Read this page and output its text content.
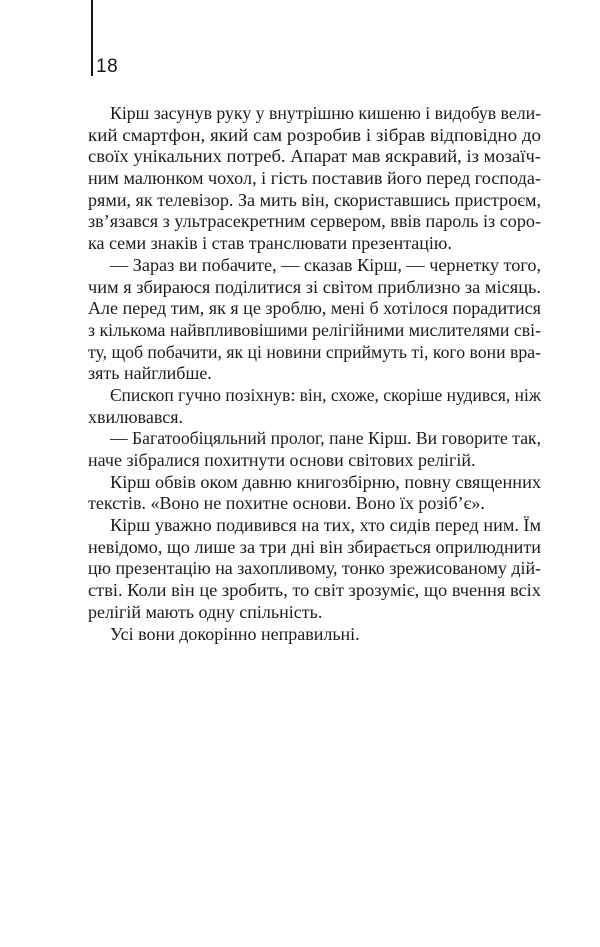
18
Кірш засунув руку у внутрішню кишеню і видобув вели-
кий смартфон, який сам розробив і зібрав відповідно до
своїх унікальних потреб. Апарат мав яскравий, із мозаїч-
ним малюнком чохол, і гість поставив його перед господа-
рями, як телевізор. За мить він, скориставшись пристроєм,
зв’язався з ультрасекретним сервером, ввів пароль із соро-
ка семи знаків і став транслювати презентацію.
— Зараз ви побачите, — сказав Кірш, — чернетку того,
чим я збираюся поділитися зі світом приблизно за місяць.
Але перед тим, як я це зроблю, мені б хотілося порадитися
з кількома найвпливовішими релігійними мислителями сві-
ту, щоб побачити, як ці новини сприймуть ті, кого вони вра-
зять найглибше.
Єпископ гучно позіхнув: він, схоже, скоріше нудився, ніж
хвилювався.
— Багатообіцяльний пролог, пане Кірш. Ви говорите так,
наче зібралися похитнути основи світових релігій.
Кірш обвів оком давню книгозбірню, повну священних
текстів. «Воно не похитне основи. Воно їх розіб’є».
Кірш уважно подивився на тих, хто сидів перед ним. Їм
невідомо, що лише за три дні він збирається оприлюднити
цю презентацію на захопливому, тонко зрежисованому дій-
стві. Коли він це зробить, то світ зрозуміє, що вчення всіх
релігій мають одну спільність.
Усі вони докорінно неправильні.
